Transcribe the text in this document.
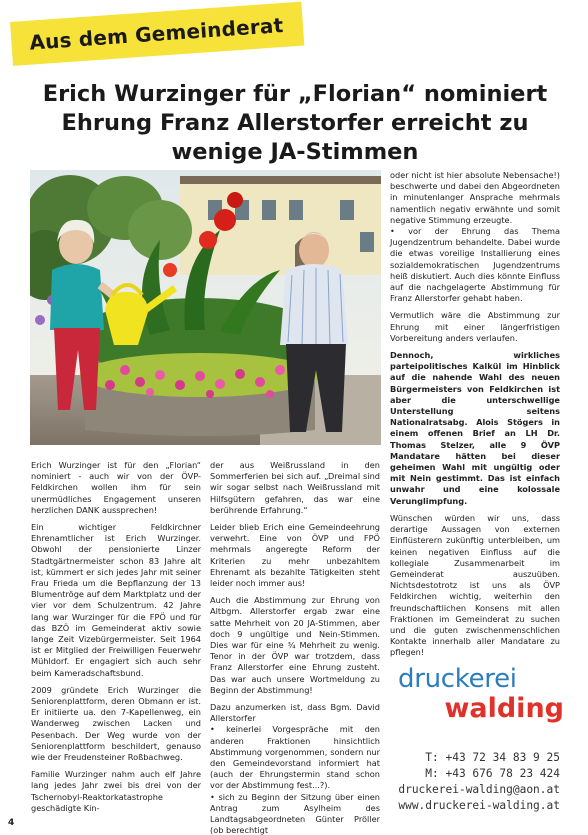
Aus dem Gemeinderat
Erich Wurzinger für „Florian“ nominiert
Ehrung Franz Allerstorfer erreicht zu
wenige JA-Stimmen

Erich Wurzinger ist für den „Florian“ nominiert - auch wir von der ÖVP-Feldkirchen wollen ihm für sein unermüdliches Engagement unseren herzlichen DANK aussprechen!

Ein wichtiger Feldkirchner Ehrenamtlicher ist Erich Wurzinger. Obwohl der pensionierte Linzer Stadtgärtnermeister schon 83 Jahre alt ist, kümmert er sich jedes Jahr mit seiner Frau Frieda um die Bepflanzung der 13 Blumentröge auf dem Marktplatz und der vier vor dem Schulzentrum. 42 Jahre lang war Wurzinger für die FPÖ und für das BZÖ im Gemeinderat aktiv sowie lange Zeit Vizebürgermeister. Seit 1964 ist er Mitglied der Freiwilligen Feuerwehr Mühldorf. Er engagiert sich auch sehr beim Kameradschaftsbund.

2009 gründete Erich Wurzinger die Seniorenplattform, deren Obmann er ist. Er initiierte ua. den 7-Kapellenweg, ein Wanderweg zwischen Lacken und Pesenbach. Der Weg wurde von der Seniorenplattform beschildert, genauso wie der Freudensteiner Roßbachweg.

Familie Wurzinger nahm auch elf Jahre lang jedes Jahr zwei bis drei von der Tschernobyl-Reaktorkatastrophe geschädigte Kin-

der aus Weißrussland in den Sommerferien bei sich auf. „Dreimal sind wir sogar selbst nach Weißrussland mit Hilfsgütern gefahren, das war eine berührende Erfahrung.“

Leider blieb Erich eine Gemeindeehrung verwehrt. Eine von ÖVP und FPÖ mehrmals angeregte Reform der Kriterien zu mehr unbezahltem Ehrenamt als bezahlte Tätigkeiten steht leider noch immer aus!

Auch die Abstimmung zur Ehrung von Altbgm. Allerstorfer ergab zwar eine satte Mehrheit von 20 JA-Stimmen, aber doch 9 ungültige und Nein-Stimmen. Dies war für eine ¾ Mehrheit zu wenig. Tenor in der ÖVP war trotzdem, dass Franz Allerstorfer eine Ehrung zusteht. Das war auch unsere Wortmeldung zu Beginn der Abstimmung!

Dazu anzumerken ist, dass Bgm. David Allerstorfer

• keinerlei Vorgespräche mit den anderen Fraktionen hinsichtlich Abstimmung vorgenommen, sondern nur den Gemeindevorstand informiert hat (auch der Ehrungstermin stand schon vor der Abstimmung fest...?).

• sich zu Beginn der Sitzung über einen Antrag zum Asylheim des Landtagsabgeordneten Günter Pröller (ob berechtigt

oder nicht ist hier absolute Nebensache!) beschwerte und dabei den Abgeordneten in minutenlanger Ansprache mehrmals namentlich negativ erwähnte und somit negative Stimmung erzeugte.

• vor der Ehrung das Thema Jugendzentrum behandelte. Dabei wurde die etwas voreilige Installierung eines sozialdemokratischen Jugendzentrums heiß diskutiert. Auch dies könnte Einfluss auf die nachgelagerte Abstimmung für Franz Allerstorfer gehabt haben.

Vermutlich wäre die Abstimmung zur Ehrung mit einer längerfristigen Vorbereitung anders verlaufen.

Dennoch, wirkliches parteipolitisches Kalkül im Hinblick auf die nahende Wahl des neuen Bürgermeisters von Feldkirchen ist aber die unterschwellige Unterstellung seitens Nationalratsabg. Alois Stögers in einem offenen Brief an LH Dr. Thomas Stelzer, alle 9 ÖVP Mandatare hätten bei dieser geheimen Wahl mit ungültig oder mit Nein gestimmt. Das ist einfach unwahr und eine kolossale Verunglimpfung.

Wünschen würden wir uns, dass derartige Aussagen von externen Einflüsterern zukünftig unterbleiben, um keinen negativen Einfluss auf die kollegiale Zusammenarbeit im Gemeinderat auszuüben. Nichtsdestotrotz ist uns als ÖVP Feldkirchen wichtig, weiterhin den freundschaftlichen Konsens mit allen Fraktionen im Gemeinderat zu suchen und die guten zwischenmenschlichen Kontakte innerhalb aller Mandatare zu pflegen!

druckerei
walding
T: +43 72 34 83 9 25
M: +43 676 78 23 424
druckerei-walding@aon.at
www.druckerei-walding.at
4
